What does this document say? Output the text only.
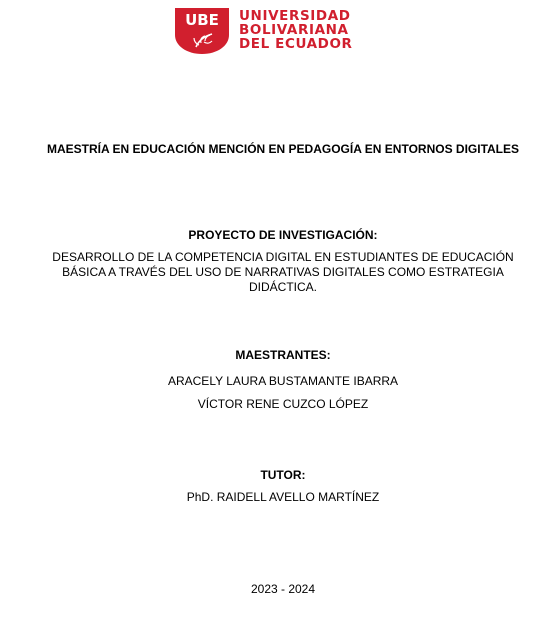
UBE UNIVERSIDAD
BOLIVARIANA
DEL ECUADOR
MAESTRÍA EN EDUCACIÓN MENCIÓN EN PEDAGOGÍA EN ENTORNOS DIGITALES
PROYECTO DE INVESTIGACIÓN:
DESARROLLO DE LA COMPETENCIA DIGITAL EN ESTUDIANTES DE EDUCACIÓN BÁSICA A TRAVÉS DEL USO DE NARRATIVAS DIGITALES COMO ESTRATEGIA DIDÁCTICA.
MAESTRANTES:
ARACELY LAURA BUSTAMANTE IBARRA
VÍCTOR RENE CUZCO LÓPEZ
TUTOR:
PhD. RAIDELL AVELLO MARTÍNEZ
2023 - 2024
